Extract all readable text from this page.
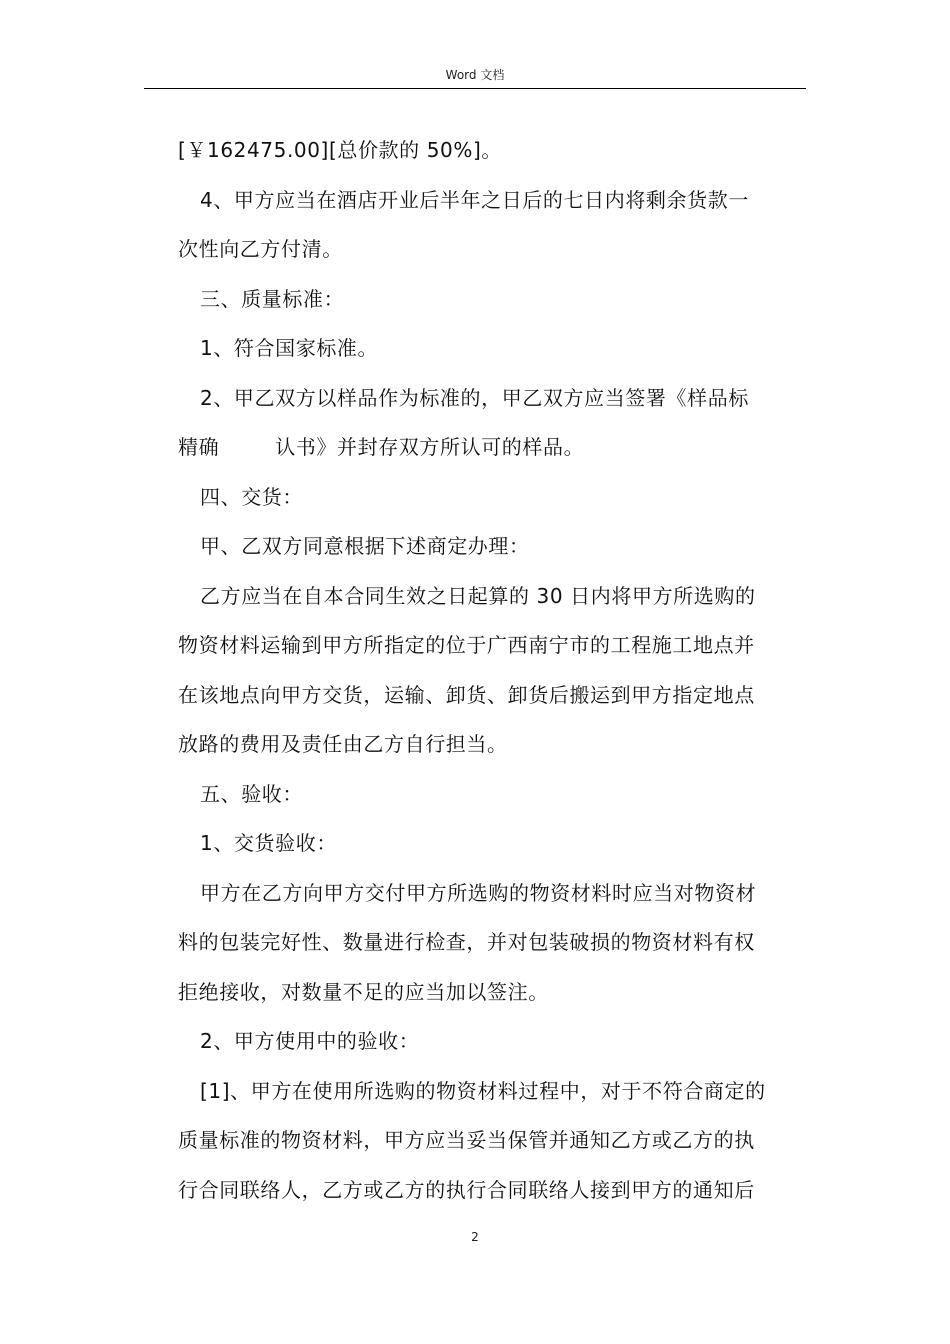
Word 文档
[￥162475.00][总价款的 50%]。
4、甲方应当在酒店开业后半年之日后的七日内将剩余货款一
次性向乙方付清。
三、质量标准：
1、符合国家标准。
2、甲乙双方以样品作为标准的，甲乙双方应当签署《样品标
精确	认书》并封存双方所认可的样品。
四、交货：
甲、乙双方同意根据下述商定办理：
乙方应当在自本合同生效之日起算的 30 日内将甲方所选购的
物资材料运输到甲方所指定的位于广西南宁市的工程施工地点并
在该地点向甲方交货，运输、卸货、卸货后搬运到甲方指定地点
放路的费用及责任由乙方自行担当。
五、验收：
1、交货验收：
甲方在乙方向甲方交付甲方所选购的物资材料时应当对物资材
料的包装完好性、数量进行检查，并对包装破损的物资材料有权
拒绝接收，对数量不足的应当加以签注。
2、甲方使用中的验收：
[1]、甲方在使用所选购的物资材料过程中，对于不符合商定的
质量标准的物资材料，甲方应当妥当保管并通知乙方或乙方的执
行合同联络人，乙方或乙方的执行合同联络人接到甲方的通知后
2
